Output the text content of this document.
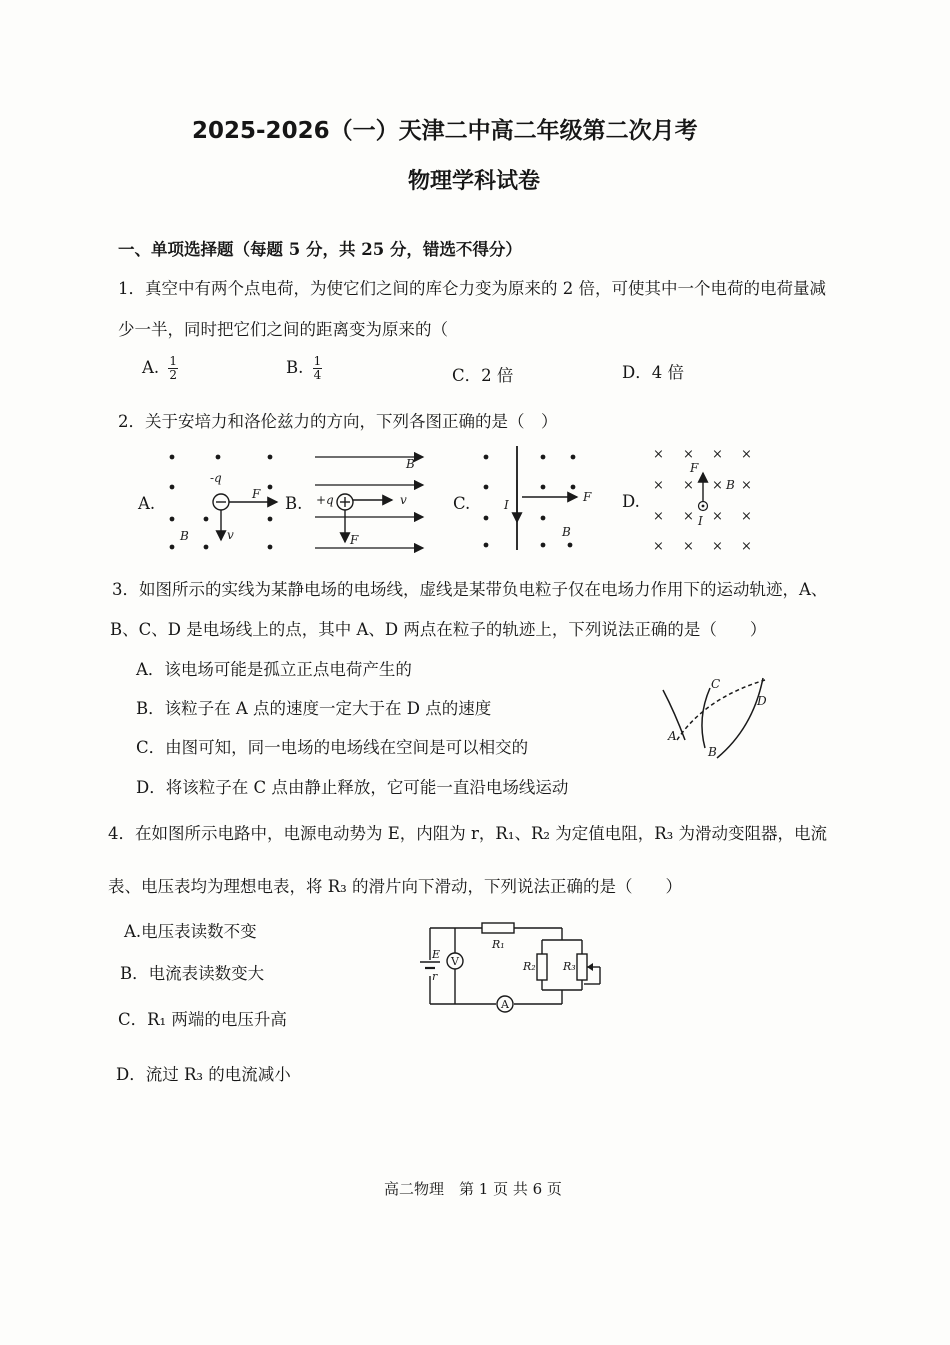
2025-2026（一）天津二中高二年级第二次月考
物理学科试卷
一、单项选择题（每题 5 分，共 25 分，错选不得分）
1．真空中有两个点电荷，为使它们之间的库仑力变为原来的 2 倍，可使其中一个电荷的电荷量减
少一半，同时把它们之间的距离变为原来的（
A. $\frac{1}{2}$	B. $\frac{1}{4}$	C．2 倍	D．4 倍
2．关于安培力和洛伦兹力的方向，下列各图正确的是（　）
× × × ×
× × × ×
× × × ×
× × × ×
-q
F
v
B
B
+q	v
F
I
F
B
F
B
I
A.	B.	C.	D.
3．如图所示的实线为某静电场的电场线，虚线是某带负电粒子仅在电场力作用下的运动轨迹，A、
B、C、D 是电场线上的点，其中 A、D 两点在粒子的轨迹上，下列说法正确的是（　　）
A．该电场可能是孤立正点电荷产生的
B．该粒子在 A 点的速度一定大于在 D 点的速度
C．由图可知，同一电场的电场线在空间是可以相交的
D．将该粒子在 C 点由静止释放，它可能一直沿电场线运动
A
B
C
D
4．在如图所示电路中，电源电动势为 E，内阻为 r，R₁、R₂ 为定值电阻，R₃ 为滑动变阻器，电流
表、电压表均为理想电表，将 R₃ 的滑片向下滑动，下列说法正确的是（　　）
A.电压表读数不变
B．电流表读数变大
C．R₁ 两端的电压升高
D．流过 R₃ 的电流减小
E
r
V
A
R₁
R₂ R₃
高二物理　第 1 页 共 6 页
